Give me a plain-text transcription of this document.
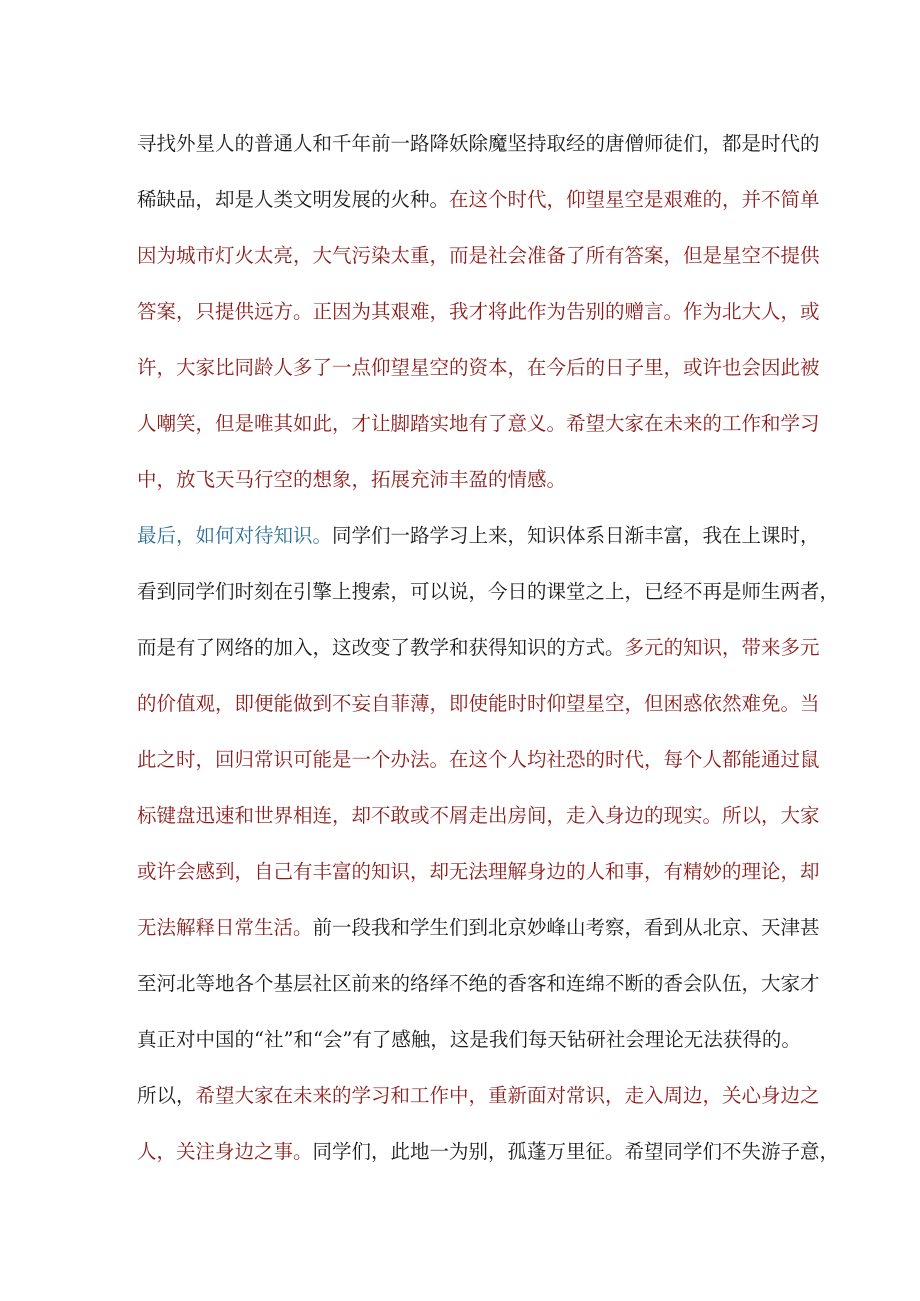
寻找外星人的普通人和千年前一路降妖除魔坚持取经的唐僧师徒们，都是时代的
稀缺品，却是人类文明发展的火种。在这个时代，仰望星空是艰难的，并不简单
因为城市灯火太亮，大气污染太重，而是社会准备了所有答案，但是星空不提供
答案，只提供远方。正因为其艰难，我才将此作为告别的赠言。作为北大人，或
许，大家比同龄人多了一点仰望星空的资本，在今后的日子里，或许也会因此被
人嘲笑，但是唯其如此，才让脚踏实地有了意义。希望大家在未来的工作和学习
中，放飞天马行空的想象，拓展充沛丰盈的情感。
最后，如何对待知识。同学们一路学习上来，知识体系日渐丰富，我在上课时，
看到同学们时刻在引擎上搜索，可以说，今日的课堂之上，已经不再是师生两者，
而是有了网络的加入，这改变了教学和获得知识的方式。多元的知识，带来多元
的价值观，即便能做到不妄自菲薄，即使能时时仰望星空，但困惑依然难免。当
此之时，回归常识可能是一个办法。在这个人均社恐的时代，每个人都能通过鼠
标键盘迅速和世界相连，却不敢或不屑走出房间，走入身边的现实。所以，大家
或许会感到，自己有丰富的知识，却无法理解身边的人和事，有精妙的理论，却
无法解释日常生活。前一段我和学生们到北京妙峰山考察，看到从北京、天津甚
至河北等地各个基层社区前来的络绎不绝的香客和连绵不断的香会队伍，大家才
真正对中国的“社”和“会”有了感触，这是我们每天钻研社会理论无法获得的。
所以，希望大家在未来的学习和工作中，重新面对常识，走入周边，关心身边之
人，关注身边之事。同学们，此地一为别，孤蓬万里征。希望同学们不失游子意，
